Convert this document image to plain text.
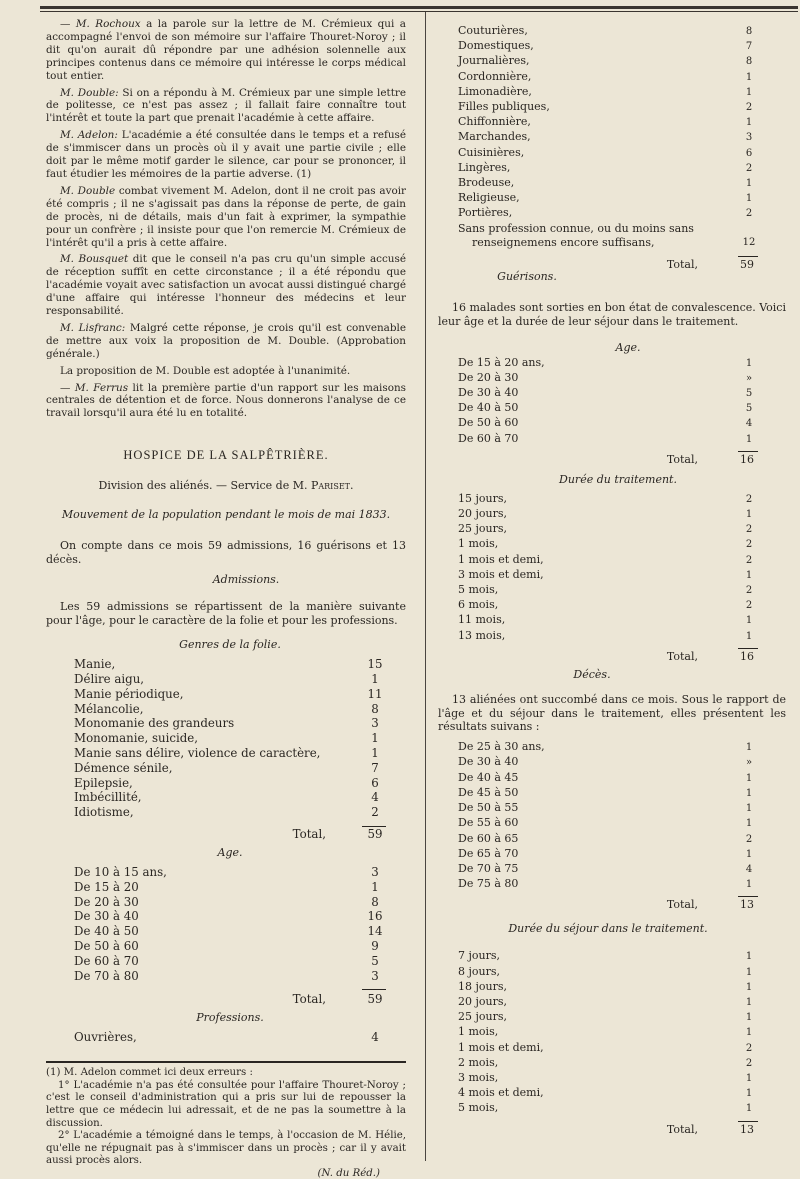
— M. Rochoux a la parole sur la lettre de M. Crémieux qui a accompagné l'envoi de son mémoire sur l'affaire Thouret-Noroy ; il dit qu'on aurait dû répondre par une adhésion solennelle aux principes contenus dans ce mémoire qui intéresse le corps médical tout entier.

M. Double: Si on a répondu à M. Crémieux par une simple lettre de politesse, ce n'est pas assez ; il fallait faire connaître tout l'intérêt et toute la part que prenait l'académie à cette affaire.

M. Adelon: L'académie a été consultée dans le temps et a refusé de s'immiscer dans un procès où il y avait une partie civile ; elle doit par le même motif garder le silence, car pour se prononcer, il faut étudier les mémoires de la partie adverse. (1)

M. Double combat vivement M. Adelon, dont il ne croit pas avoir été compris ; il ne s'agissait pas dans la réponse de perte, de gain de procès, ni de détails, mais d'un fait à exprimer, la sympathie pour un confrère ; il insiste pour que l'on remercie M. Crémieux de l'intérêt qu'il a pris à cette affaire.

M. Bousquet dit que le conseil n'a pas cru qu'un simple accusé de réception suffît en cette circonstance ; il a été répondu que l'académie voyait avec satisfaction un avocat aussi distingué chargé d'une affaire qui intéresse l'honneur des médecins et leur responsabilité.

M. Lisfranc: Malgré cette réponse, je crois qu'il est convenable de mettre aux voix la proposition de M. Double. (Approbation générale.)

La proposition de M. Double est adoptée à l'unanimité.

— M. Ferrus lit la première partie d'un rapport sur les maisons centrales de détention et de force. Nous donnerons l'analyse de ce travail lorsqu'il aura été lu en totalité.

HOSPICE DE LA SALPÊTRIÈRE.
Division des aliénés. — Service de M. Pariset.
Mouvement de la population pendant le mois de mai 1833.

On compte dans ce mois 59 admissions, 16 guérisons et 13 décès.

Admissions.

Les 59 admissions se répartissent de la manière suivante pour l'âge, pour le caractère de la folie et pour les professions.

Genres de la folie.
Manie,	15
Délire aigu,	1
Manie périodique,	11
Mélancolie,	8
Monomanie des grandeurs	3
Monomanie, suicide,	1
Manie sans délire, violence de caractère,	1
Démence sénile,	7
Epilepsie,	6
Imbécillité,	4
Idiotisme,	2
Total,	59
Age.
De 10 à 15 ans,	3
De 15 à 20	1
De 20 à 30	8
De 30 à 40	16
De 40 à 50	14
De 50 à 60	9
De 60 à 70	5
De 70 à 80	3
Total,	59
Professions.
Ouvrières,	4

(1) M. Adelon commet ici deux erreurs :

1° L'académie n'a pas été consultée pour l'affaire Thouret-Noroy ; c'est le conseil d'administration qui a pris sur lui de repousser la lettre que ce médecin lui adressait, et de ne pas la soumettre à la discussion.

2° L'académie a témoigné dans le temps, à l'occasion de M. Hélie, qu'elle ne répugnait pas à s'immiscer dans un procès ; car il y avait aussi procès alors.

(N. du Réd.)
Couturières,	8
Domestiques,	7
Journalières,	8
Cordonnière,	1
Limonadière,	1
Filles publiques,	2
Chiffonnière,	1
Marchandes,	3
Cuisinières,	6
Lingères,	2
Brodeuse,	1
Religieuse,	1
Portières,	2
Sans profession connue, ou du moins sans renseignemens encore suffisans,	12
Total,	59
Guérisons.

16 malades sont sorties en bon état de convalescence. Voici leur âge et la durée de leur séjour dans le traitement.

Age.
De 15 à 20 ans,	1
De 20 à 30	»
De 30 à 40	5
De 40 à 50	5
De 50 à 60	4
De 60 à 70	1
Total,	16
Durée du traitement.
15 jours,	2
20 jours,	1
25 jours,	2
1 mois,	2
1 mois et demi,	2
3 mois et demi,	1
5 mois,	2
6 mois,	2
11 mois,	1
13 mois,	1
Total,	16
Décès.

13 aliénées ont succombé dans ce mois. Sous le rapport de l'âge et du séjour dans le traitement, elles présentent les résultats suivans :

De 25 à 30 ans,	1
De 30 à 40	»
De 40 à 45	1
De 45 à 50	1
De 50 à 55	1
De 55 à 60	1
De 60 à 65	2
De 65 à 70	1
De 70 à 75	4
De 75 à 80	1
Total,	13
Durée du séjour dans le traitement.
7 jours,	1
8 jours,	1
18 jours,	1
20 jours,	1
25 jours,	1
1 mois,	1
1 mois et demi,	2
2 mois,	2
3 mois,	1
4 mois et demi,	1
5 mois,	1
Total,	13
